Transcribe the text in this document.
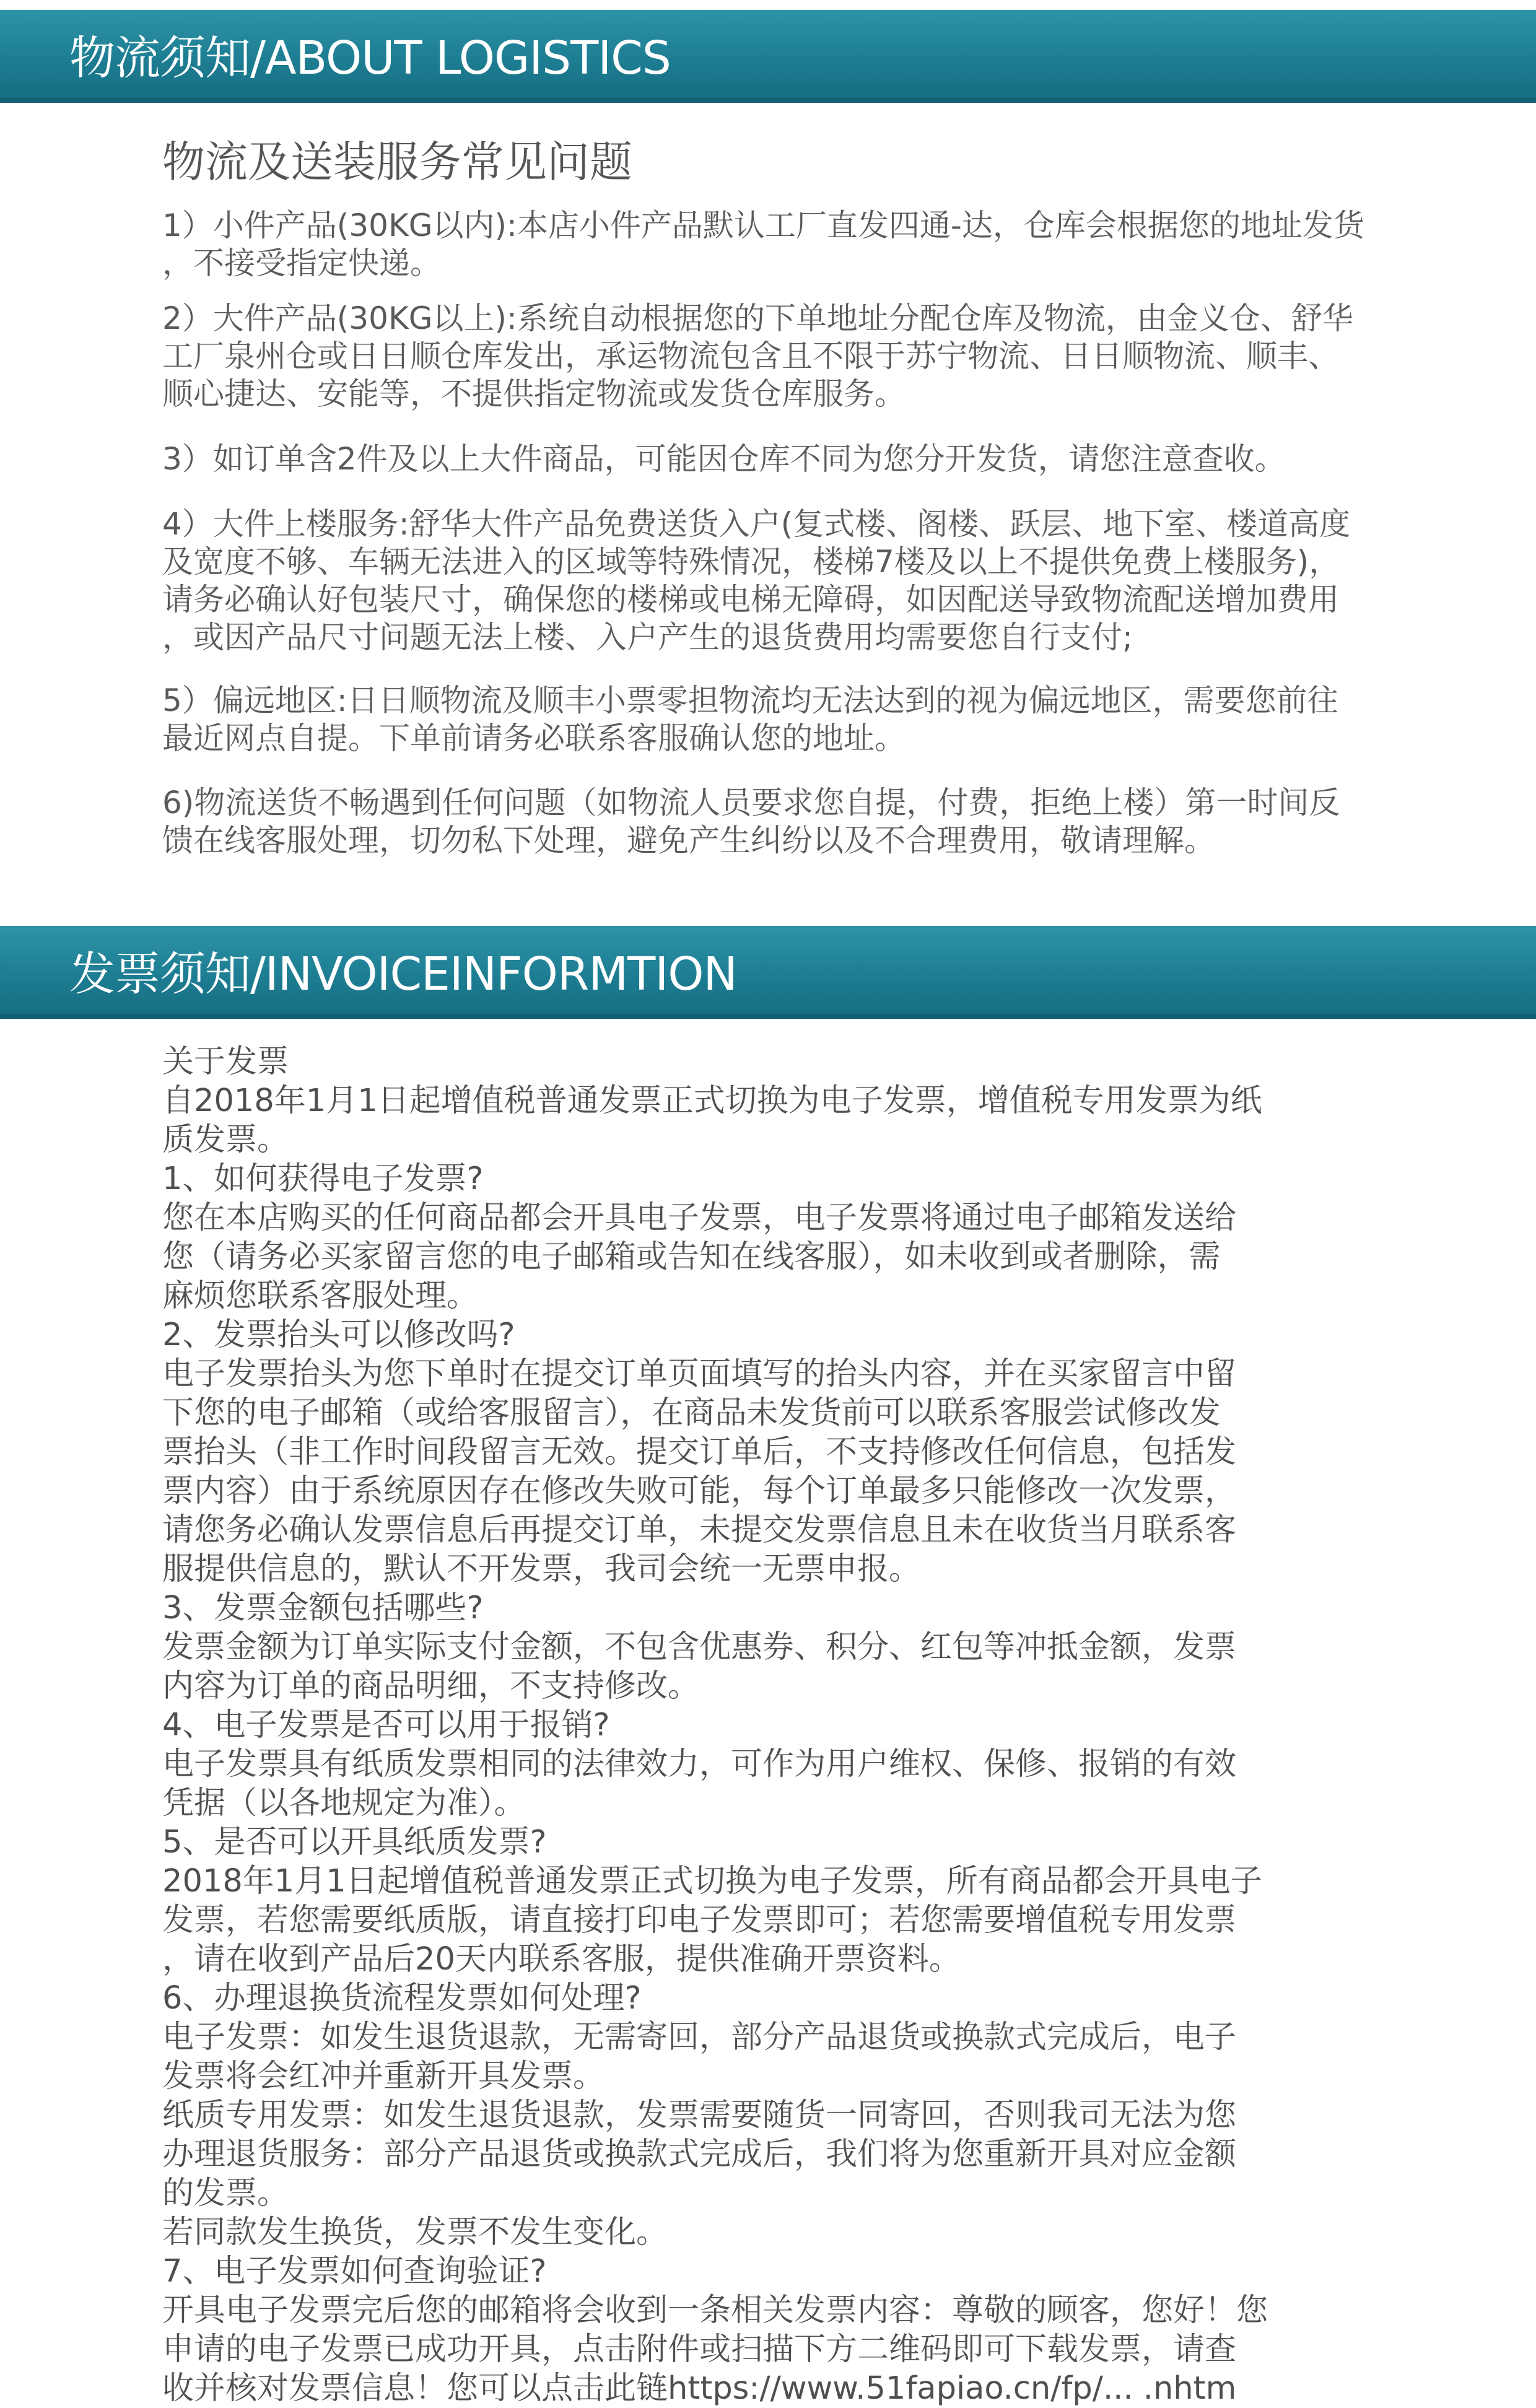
物流须知/ABOUT LOGISTICS
物流及送装服务常见问题

1）小件产品(30KG以内):本店小件产品默认工厂直发四通-达，仓库会根据您的地址发货
，不接受指定快递。

2）大件产品(30KG以上):系统自动根据您的下单地址分配仓库及物流，由金义仓、舒华
工厂泉州仓或日日顺仓库发出，承运物流包含且不限于苏宁物流、日日顺物流、顺丰、
顺心捷达、安能等，不提供指定物流或发货仓库服务。

3）如订单含2件及以上大件商品，可能因仓库不同为您分开发货，请您注意查收。

4）大件上楼服务:舒华大件产品免费送货入户(复式楼、阁楼、跃层、地下室、楼道高度
及宽度不够、车辆无法进入的区域等特殊情况，楼梯7楼及以上不提供免费上楼服务)，
请务必确认好包装尺寸，确保您的楼梯或电梯无障碍，如因配送导致物流配送增加费用
，或因产品尺寸问题无法上楼、入户产生的退货费用均需要您自行支付;

5）偏远地区:日日顺物流及顺丰小票零担物流均无法达到的视为偏远地区，需要您前往
最近网点自提。下单前请务必联系客服确认您的地址。

6)物流送货不畅遇到任何问题（如物流人员要求您自提，付费，拒绝上楼）第一时间反
馈在线客服处理，切勿私下处理，避免产生纠纷以及不合理费用，敬请理解。

发票须知/INVOICEINFORMTION
关于发票
自2018年1月1日起增值税普通发票正式切换为电子发票，增值税专用发票为纸
质发票。
1、如何获得电子发票?
您在本店购买的任何商品都会开具电子发票，电子发票将通过电子邮箱发送给
您（请务必买家留言您的电子邮箱或告知在线客服），如未收到或者删除，需
麻烦您联系客服处理。
2、发票抬头可以修改吗?
电子发票抬头为您下单时在提交订单页面填写的抬头内容，并在买家留言中留
下您的电子邮箱（或给客服留言），在商品未发货前可以联系客服尝试修改发
票抬头（非工作时间段留言无效。提交订单后，不支持修改任何信息，包括发
票内容）由于系统原因存在修改失败可能，每个订单最多只能修改一次发票，
请您务必确认发票信息后再提交订单，未提交发票信息且未在收货当月联系客
服提供信息的，默认不开发票，我司会统一无票申报。
3、发票金额包括哪些?
发票金额为订单实际支付金额，不包含优惠券、积分、红包等冲抵金额，发票
内容为订单的商品明细，不支持修改。
4、电子发票是否可以用于报销?
电子发票具有纸质发票相同的法律效力，可作为用户维权、保修、报销的有效
凭据（以各地规定为准）。
5、是否可以开具纸质发票?
2018年1月1日起增值税普通发票正式切换为电子发票，所有商品都会开具电子
发票，若您需要纸质版，请直接打印电子发票即可；若您需要增值税专用发票
，请在收到产品后20天内联系客服，提供准确开票资料。
6、办理退换货流程发票如何处理?
电子发票：如发生退货退款，无需寄回，部分产品退货或换款式完成后，电子
发票将会红冲并重新开具发票。
纸质专用发票：如发生退货退款，发票需要随货一同寄回，否则我司无法为您
办理退货服务：部分产品退货或换款式完成后，我们将为您重新开具对应金额
的发票。
若同款发生换货，发票不发生变化。
7、电子发票如何查询验证?
开具电子发票完后您的邮箱将会收到一条相关发票内容：尊敬的顾客，您好！您
申请的电子发票已成功开具，点击附件或扫描下方二维码即可下载发票，请查
收并核对发票信息！您可以点击此链https://www.51fapiao.cn/fp/... .nhtm
